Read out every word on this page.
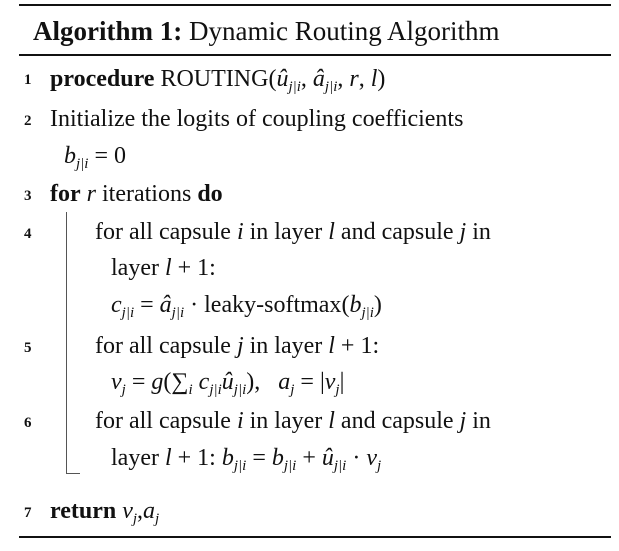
Algorithm 1: Dynamic Routing Algorithm
1 procedure $ROUTING(û_{j|i}$, $â_{j|i}$, r, l)
2 Initialize the logits of coupling coefficients
$b_{j|i} = 0$
3 for r iterations do
4	for all capsule i in layer l and capsule j in
layer l + 1:
$c_{j|i}$ = $â_{j|i}$ · leaky-$softmax(b_{j|i})$
5	for all capsule j in layer l + 1:
$v_j = g(\sum_i$ $c_{j|i}û_{j|i}$),   $a_j = |v_j|$
6	for all capsule i in layer l and capsule j in
layer l + 1: $b_{j|i} = b_{j|i}$ + $û_{j|i} \cdot v_j$
7 return $v_j,a_j$
